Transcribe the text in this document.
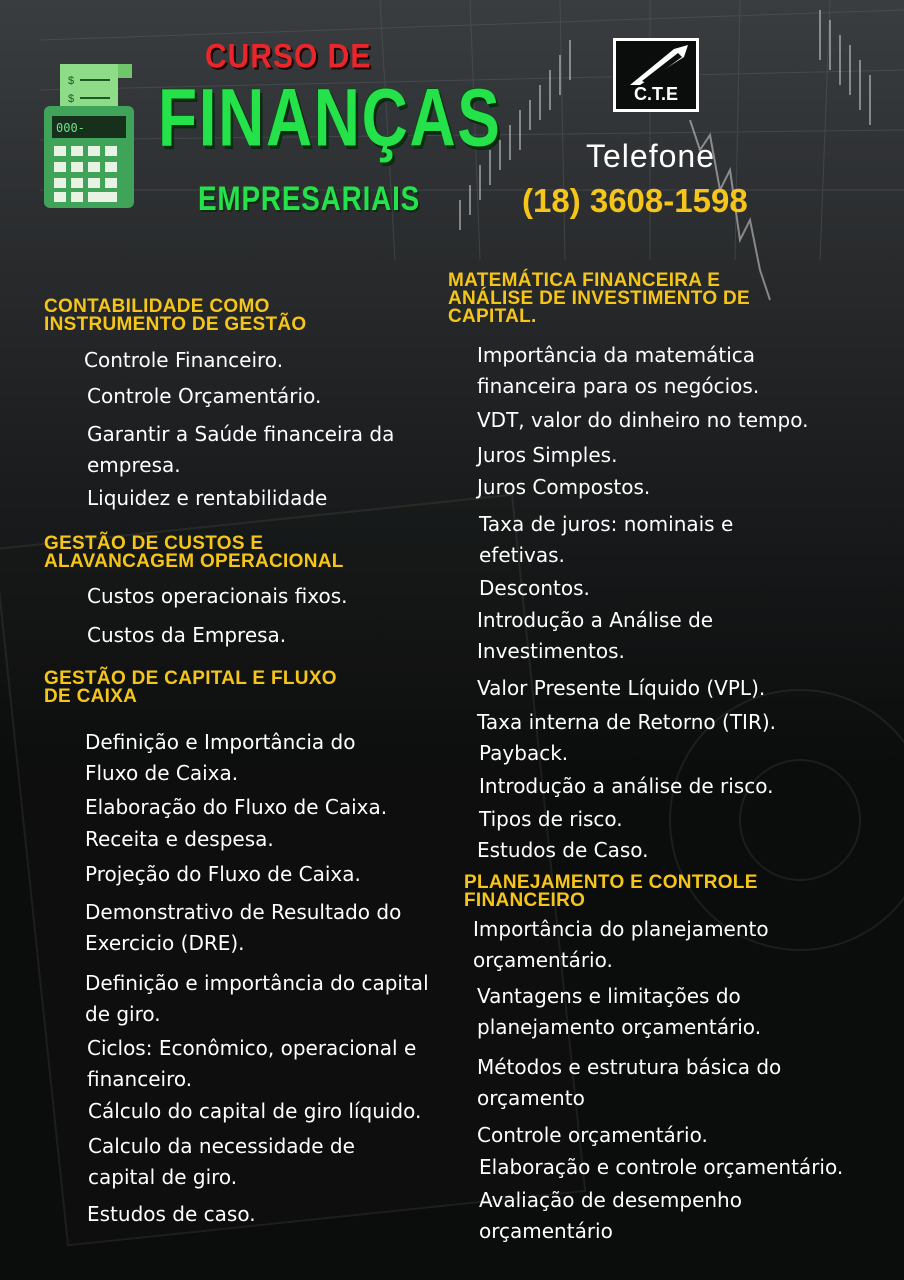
$
$
000-
CURSO DE
FINANÇAS
EMPRESARIAIS
C.T.E
Telefone
(18) 3608-1598
CONTABILIDADE COMO
INSTRUMENTO DE GESTÃO

Controle Financeiro.

Controle Orçamentário.

Garantir a Saúde financeira da
empresa.

Liquidez e rentabilidade

GESTÃO DE CUSTOS E
ALAVANCAGEM OPERACIONAL

Custos operacionais fixos.

Custos da Empresa.

GESTÃO DE CAPITAL E FLUXO
DE CAIXA

Definição e Importância do
Fluxo de Caixa.

Elaboração do Fluxo de Caixa.

Receita e despesa.

Projeção do Fluxo de Caixa.

Demonstrativo de Resultado do
Exercicio (DRE).

Definição e importância do capital
de giro.

Ciclos: Econômico, operacional e
financeiro.

Cálculo do capital de giro líquido.

Calculo da necessidade de
capital de giro.

Estudos de caso.

MATEMÁTICA FINANCEIRA E
ANÁLISE DE INVESTIMENTO DE
CAPITAL.

Importância da matemática
financeira para os negócios.

VDT, valor do dinheiro no tempo.

Juros Simples.

Juros Compostos.

Taxa de juros: nominais e
efetivas.

Descontos.

Introdução a Análise de
Investimentos.

Valor Presente Líquido (VPL).

Taxa interna de Retorno (TIR).

Payback.

Introdução a análise de risco.

Tipos de risco.

Estudos de Caso.

PLANEJAMENTO E CONTROLE
FINANCEIRO

Importância do planejamento
orçamentário.

Vantagens e limitações do
planejamento orçamentário.

Métodos e estrutura básica do
orçamento

Controle orçamentário.

Elaboração e controle orçamentário.

Avaliação de desempenho
orçamentário
